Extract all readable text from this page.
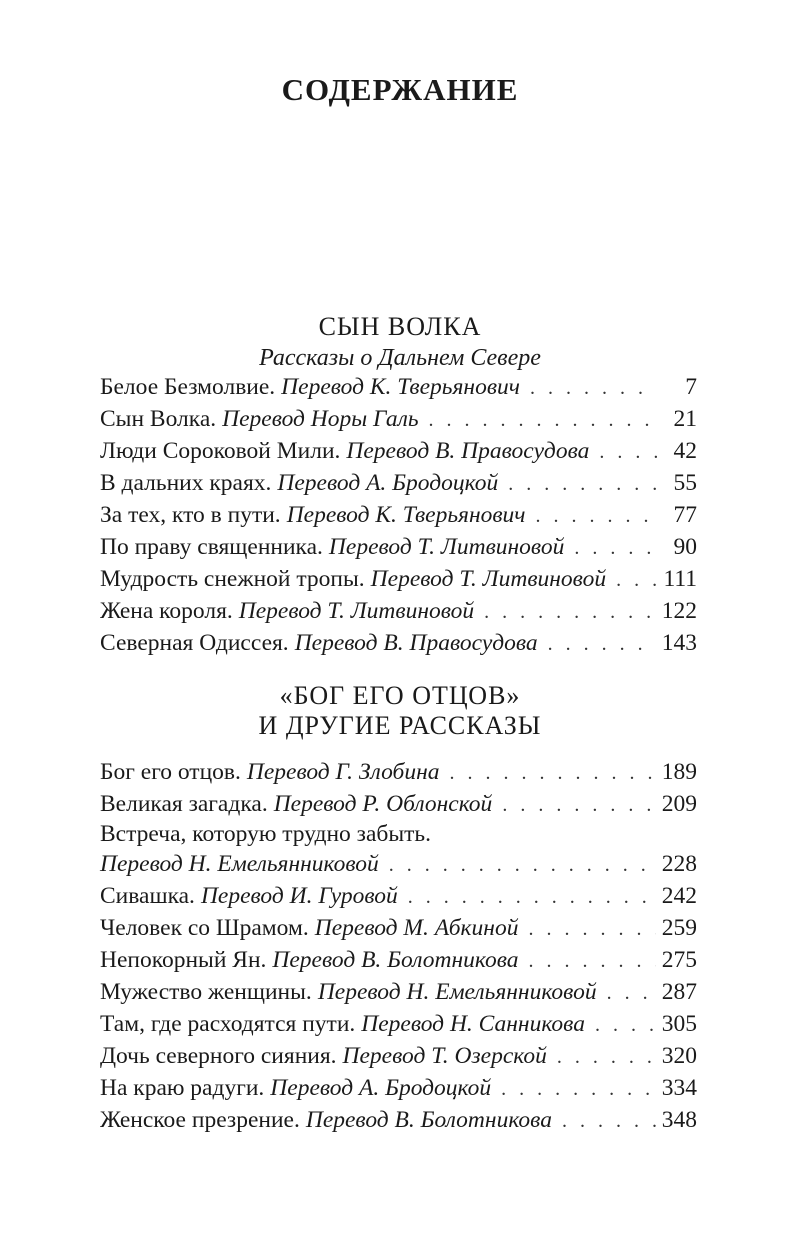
СОДЕРЖАНИЕ
СЫН ВОЛКА
Рассказы о Дальнем Севере
Белое Безмолвие. Перевод К. Тверьянович . . .	7
Сын Волка. Перевод Норы Галь . . .	21
Люди Сороковой Мили. Перевод В. Правосудова . . .	42
В дальних краях. Перевод А. Бродоцкой . . .	55
За тех, кто в пути. Перевод К. Тверьянович . . .	77
По праву священника. Перевод Т. Литвиновой . . .	90
Мудрость снежной тропы. Перевод Т. Литвиновой . . . 111
Жена короля. Перевод Т. Литвиновой . . .	122
Северная Одиссея. Перевод В. Правосудова . . .	143
«БОГ ЕГО ОТЦОВ»
И ДРУГИЕ РАССКАЗЫ
Бог его отцов. Перевод Г. Злобина . . .	189
Великая загадка. Перевод Р. Облонской . . .	209
Встреча, которую трудно забыть.
Перевод Н. Емельянниковой . . .	228
Сивашка. Перевод И. Гуровой . . .	242
Человек со Шрамом. Перевод М. Абкиной . . .	259
Непокорный Ян. Перевод В. Болотникова . . .	275
Мужество женщины. Перевод Н. Емельянниковой . . .	287
Там, где расходятся пути. Перевод Н. Санникова . . .	305
Дочь северного сияния. Перевод Т. Озерской . . .	320
На краю радуги. Перевод А. Бродоцкой . . .	334
Женское презрение. Перевод В. Болотникова . . .	348
